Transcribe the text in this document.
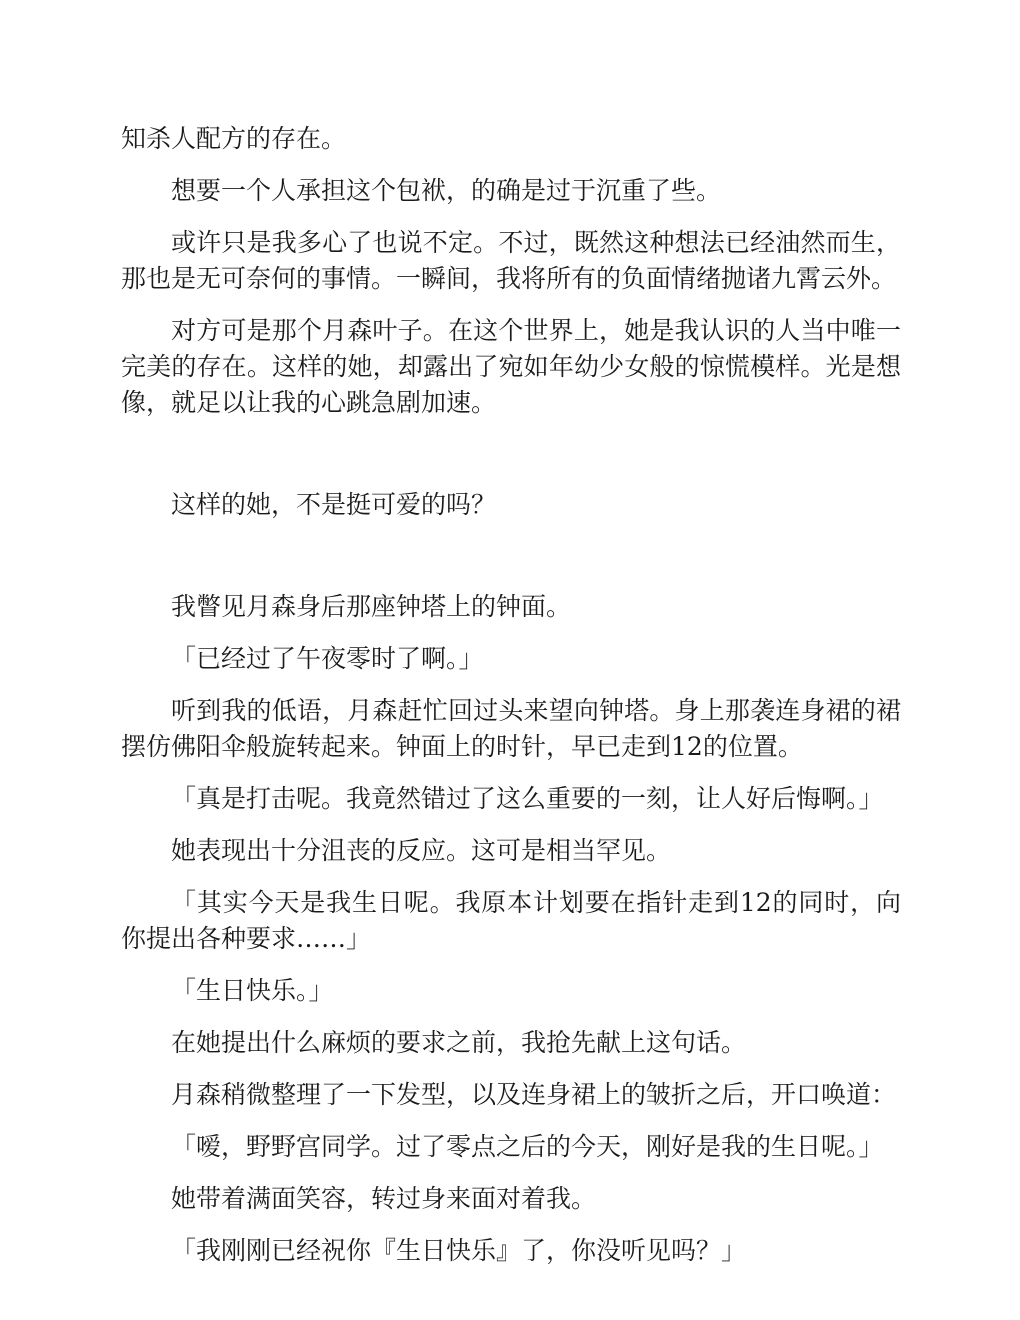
知杀人配方的存在。

想要一个人承担这个包袱，的确是过于沉重了些。

或许只是我多心了也说不定。不过，既然这种想法已经油然而生，那也是无可奈何的事情。一瞬间，我将所有的负面情绪抛诸九霄云外。

对方可是那个月森叶子。在这个世界上，她是我认识的人当中唯一完美的存在。这样的她，却露出了宛如年幼少女般的惊慌模样。光是想像，就足以让我的心跳急剧加速。

这样的她，不是挺可爱的吗？

我瞥见月森身后那座钟塔上的钟面。

「已经过了午夜零时了啊。」

听到我的低语，月森赶忙回过头来望向钟塔。身上那袭连身裙的裙摆仿佛阳伞般旋转起来。钟面上的时针，早已走到12的位置。

「真是打击呢。我竟然错过了这么重要的一刻，让人好后悔啊。」

她表现出十分沮丧的反应。这可是相当罕见。

「其实今天是我生日呢。我原本计划要在指针走到12的同时，向你提出各种要求……」

「生日快乐。」

在她提出什么麻烦的要求之前，我抢先献上这句话。

月森稍微整理了一下发型，以及连身裙上的皱折之后，开口唤道：

「嗳，野野宫同学。过了零点之后的今天，刚好是我的生日呢。」

她带着满面笑容，转过身来面对着我。

「我刚刚已经祝你『生日快乐』了，你没听见吗？」
